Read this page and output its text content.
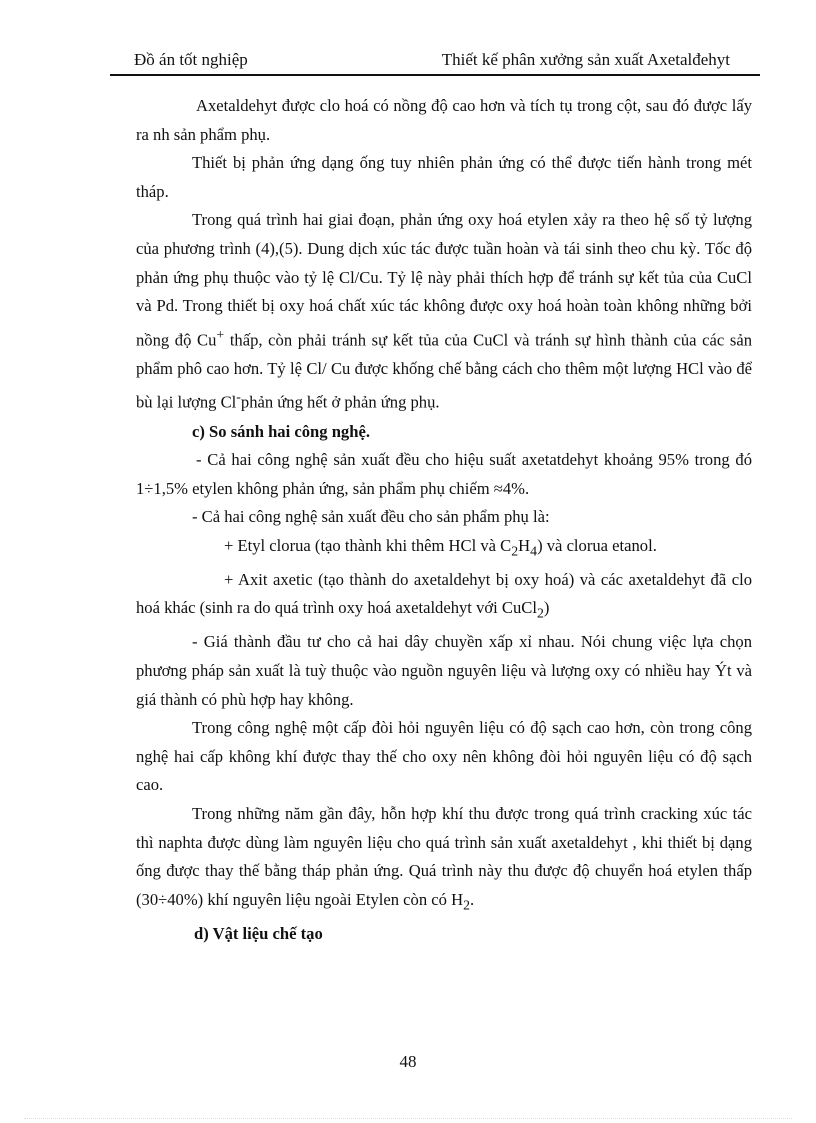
Đồ án tốt nghiệp	Thiết kế phân xưởng sản xuất Axetalđehyt

Axetaldehyt được clo hoá có nồng độ cao hơn và tích tụ trong cột, sau đó được lấy ra nh sản phẩm phụ.

Thiết bị phản ứng dạng ống tuy nhiên phản ứng có thể được tiến hành trong mét tháp.

Trong quá trình hai giai đoạn, phản ứng oxy hoá etylen xảy ra theo hệ số tỷ lượng của phương trình (4),(5). Dung dịch xúc tác được tuần hoàn và tái sinh theo chu kỳ. Tốc độ phản ứng phụ thuộc vào tỷ lệ Cl/Cu. Tỷ lệ này phải thích hợp để tránh sự kết tủa của CuCl và Pd. Trong thiết bị oxy hoá chất xúc tác không được oxy hoá hoàn toàn không những bởi nồng độ Cu+ thấp, còn phải tránh sự kết tủa của CuCl và tránh sự hình thành của các sản phẩm phô cao hơn. Tỷ lệ Cl/ Cu được khống chế bằng cách cho thêm một lượng HCl vào để bù lại lượng Cl-phản ứng hết ở phản ứng phụ.

c) So sánh hai công nghệ.

- Cả hai công nghệ sản xuất đều cho hiệu suất axetatdehyt khoảng 95% trong đó 1÷1,5% etylen không phản ứng, sản phẩm phụ chiếm ≈4%.

- Cả hai công nghệ sản xuất đều cho sản phẩm phụ là:

+ Etyl clorua (tạo thành khi thêm HCl và $C_2H_4$) và clorua etanol.

+ Axit axetic (tạo thành do axetaldehyt bị oxy hoá) và các axetaldehyt đã clo hoá khác (sinh ra do quá trình oxy hoá axetaldehyt với CuCl$_2$)

- Giá thành đầu tư cho cả hai dây chuyền xấp xỉ nhau. Nói chung việc lựa chọn phương pháp sản xuất là tuỳ thuộc vào nguồn nguyên liệu và lượng oxy có nhiều hay Ýt và giá thành có phù hợp hay không.

Trong công nghệ một cấp đòi hỏi nguyên liệu có độ sạch cao hơn, còn trong công nghệ hai cấp không khí được thay thế cho oxy nên không đòi hỏi nguyên liệu có độ sạch cao.

Trong những năm gần đây, hỗn hợp khí thu được trong quá trình cracking xúc tác thì naphta được dùng làm nguyên liệu cho quá trình sản xuất axetaldehyt , khi thiết bị dạng ống được thay thế bằng tháp phản ứng. Quá trình này thu được độ chuyển hoá etylen thấp (30÷40%) khí nguyên liệu ngoài Etylen còn có $H_2$.

d) Vật liệu chế tạo

48
